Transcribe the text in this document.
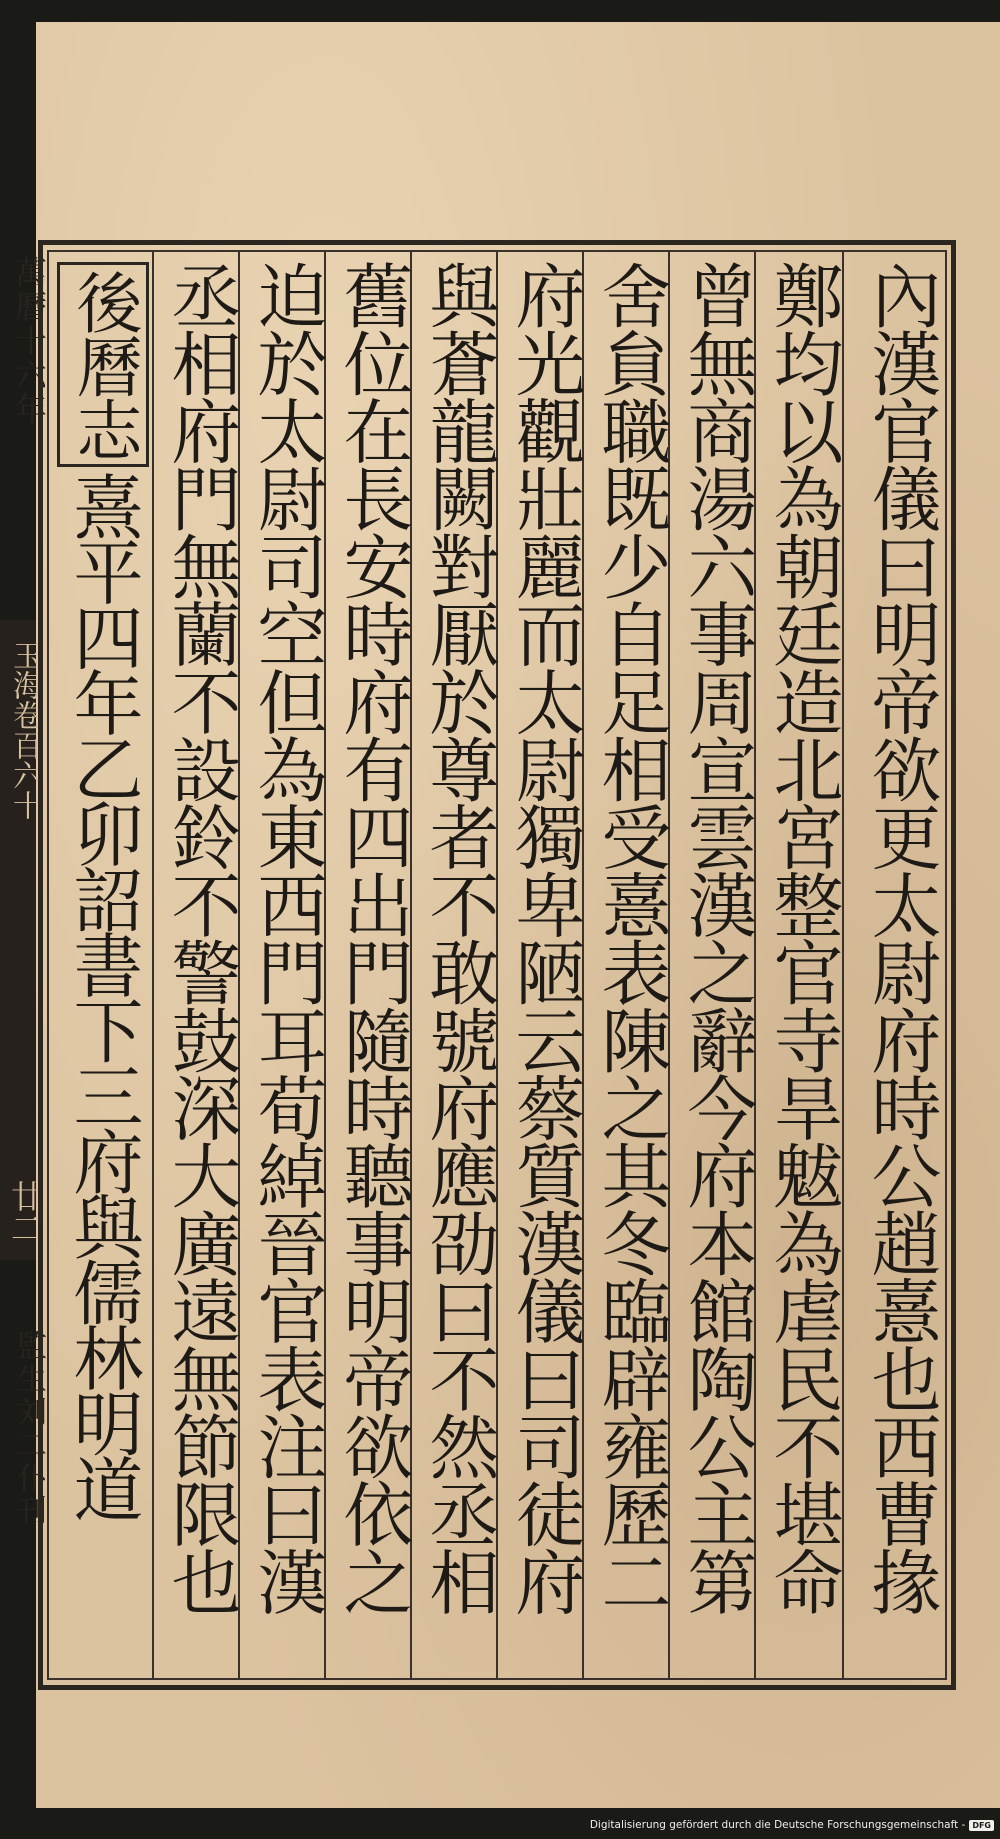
萬曆十六年
玉海卷百六十
廿二
監生刘二仆刊	內漢官儀曰明帝欲更太尉府時公趙憙也西曹掾
鄭均以為朝廷造北宮整官寺旱魃為虐民不堪命
曾無商湯六事周宣雲漢之辭今府本館陶公主第
舍貟職既少自足相受憙表陳之其冬臨辟雍歷二
府光觀壯麗而太尉獨卑陋云蔡質漢儀曰司徒府
與蒼龍闕對厭於尊者不敢號府應劭曰不然丞相
舊位在長安時府有四出門隨時聽事明帝欲依之
迫於太尉司空但為東西門耳荀綽晉官表注曰漢
丞相府門無蘭不設鈴不警鼓深大廣遠無節限也
後曆志
熹平四年乙卯詔書下三府與儒林明道
Digitalisierung gefördert durch die Deutsche Forschungsgemeinschaft - DFG
